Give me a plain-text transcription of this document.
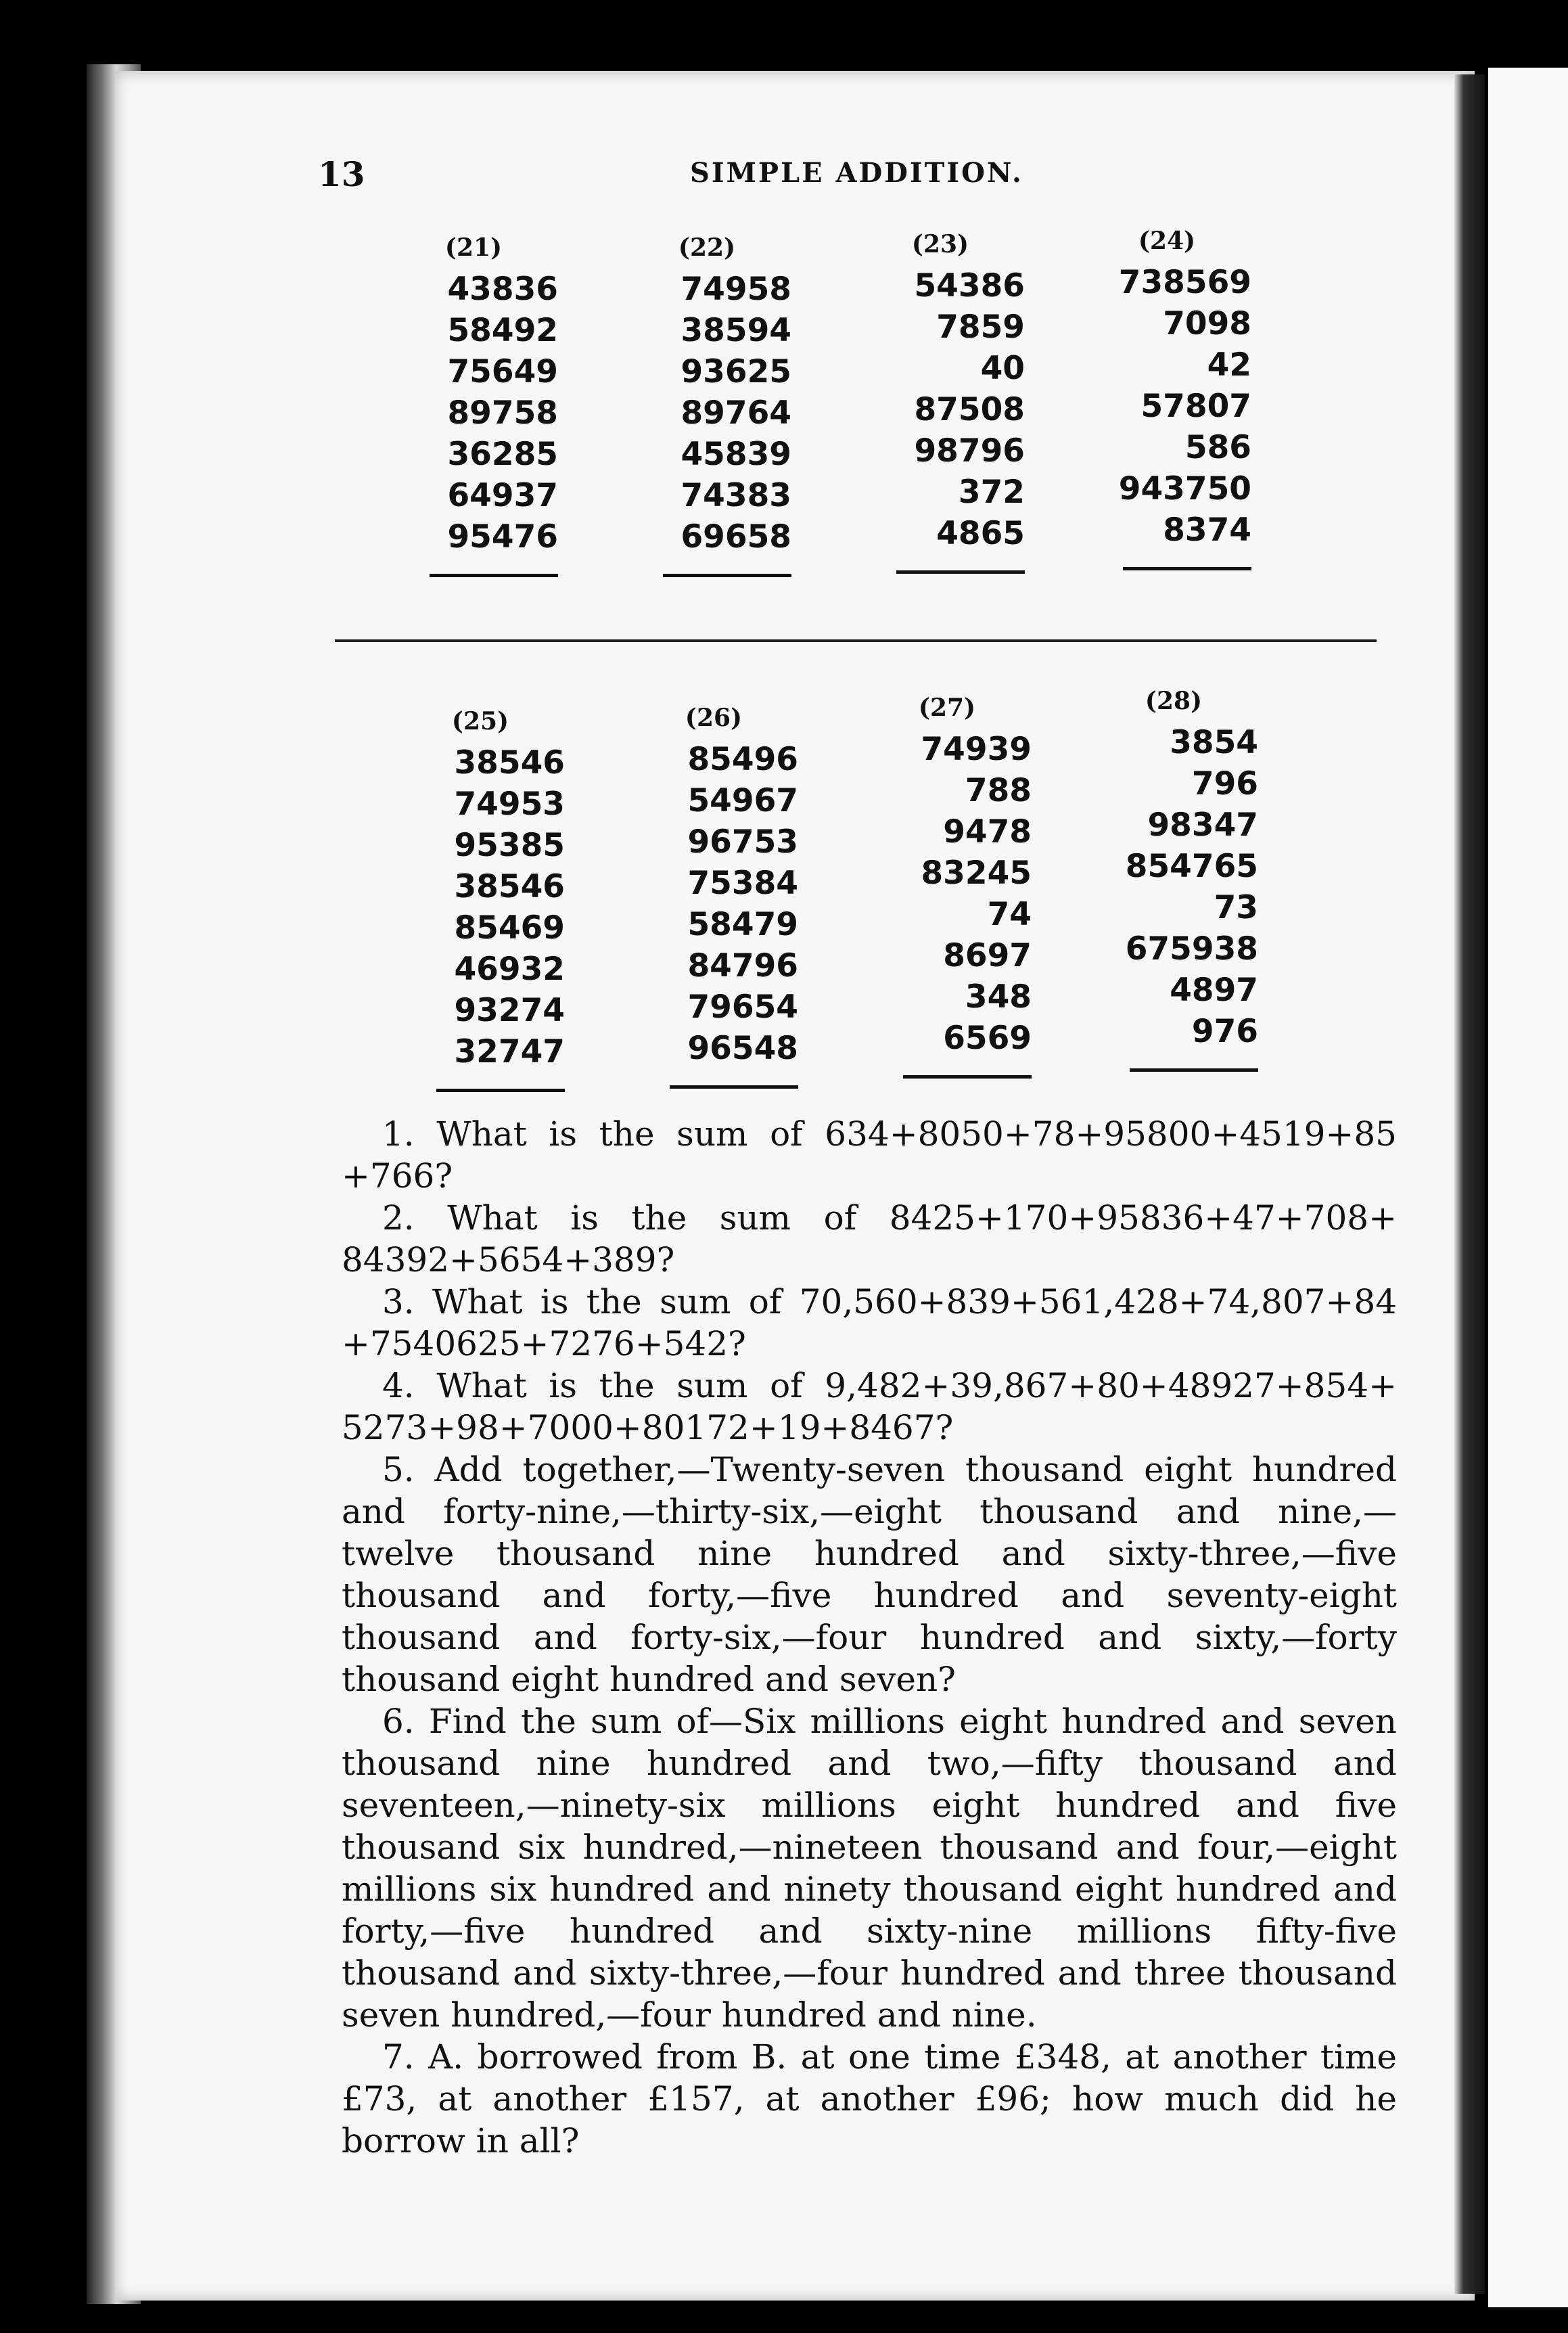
13	SIMPLE ADDITION.
(21)
43836
58492
75649
89758
36285
64937
95476
(22)
74958
38594
93625
89764
45839
74383
69658
(23)
54386
7859
40
87508
98796
372
4865
(24)
738569
7098
42
57807
586
943750
8374
(25)
38546
74953
95385
38546
85469
46932
93274
32747
(26)
85496
54967
96753
75384
58479
84796
79654
96548
(27)
74939
788
9478
83245
74
8697
348
6569
(28)
3854
796
98347
854765
73
675938
4897
976

1. What is the sum of 634+8050+78+95800+4519+85 +766?

2. What is the sum of 8425+170+95836+47+708+ 84392+5654+389?

3. What is the sum of 70,560+839+561,428+74,807+84 +7540625+7276+542?

4. What is the sum of 9,482+39,867+80+48927+854+ 5273+98+7000+80172+19+8467?

5. Add together,—Twenty-seven thousand eight hundred and forty-nine,—thirty-six,—eight thousand and nine,—twelve thousand nine hundred and sixty-three,—five thousand and forty,—five hundred and seventy-eight thousand and forty-six,—four hundred and sixty,—forty thousand eight hundred and seven?

6. Find the sum of—Six millions eight hundred and seven thousand nine hundred and two,—fifty thousand and seventeen,—ninety-six millions eight hundred and five thousand six hundred,—nineteen thousand and four,—eight millions six hundred and ninety thousand eight hundred and forty,—five hundred and sixty-nine millions fifty-five thousand and sixty-three,—four hundred and three thousand seven hundred,—four hundred and nine.

7. A. borrowed from B. at one time £348, at another time £73, at another £157, at another £96; how much did he borrow in all?
